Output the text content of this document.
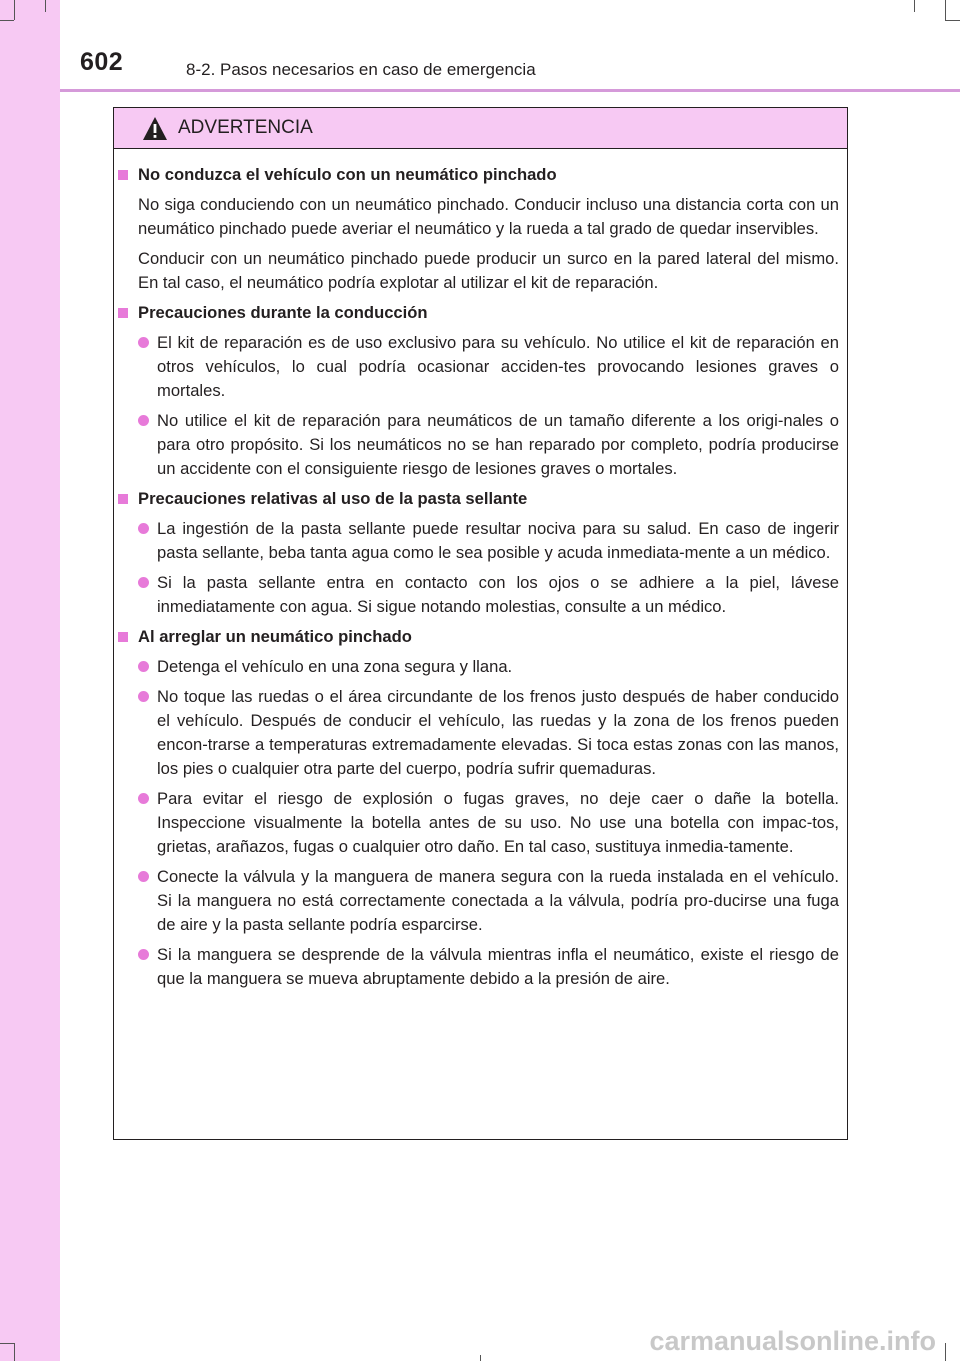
602	8-2. Pasos necesarios en caso de emergencia
ADVERTENCIA
No conduzca el vehículo con un neumático pinchado
No siga conduciendo con un neumático pinchado. Conducir incluso una distancia corta con un neumático pinchado puede averiar el neumático y la rueda a tal grado de quedar inservibles.
Conducir con un neumático pinchado puede producir un surco en la pared lateral del mismo. En tal caso, el neumático podría explotar al utilizar el kit de reparación.
Precauciones durante la conducción
El kit de reparación es de uso exclusivo para su vehículo. No utilice el kit de reparación en otros vehículos, lo cual podría ocasionar acciden-tes provocando lesiones graves o mortales.
No utilice el kit de reparación para neumáticos de un tamaño diferente a los origi-nales o para otro propósito. Si los neumáticos no se han reparado por completo, podría producirse un accidente con el consiguiente riesgo de lesiones graves o mortales.
Precauciones relativas al uso de la pasta sellante
La ingestión de la pasta sellante puede resultar nociva para su salud. En caso de ingerir pasta sellante, beba tanta agua como le sea posible y acuda inmediata-mente a un médico.
Si la pasta sellante entra en contacto con los ojos o se adhiere a la piel, lávese inmediatamente con agua. Si sigue notando molestias, consulte a un médico.
Al arreglar un neumático pinchado
Detenga el vehículo en una zona segura y llana.
No toque las ruedas o el área circundante de los frenos justo después de haber conducido el vehículo. Después de conducir el vehículo, las ruedas y la zona de los frenos pueden encon-trarse a temperaturas extremadamente elevadas. Si toca estas zonas con las manos, los pies o cualquier otra parte del cuerpo, podría sufrir quemaduras.
Para evitar el riesgo de explosión o fugas graves, no deje caer o dañe la botella. Inspeccione visualmente la botella antes de su uso. No use una botella con impac-tos, grietas, arañazos, fugas o cualquier otro daño. En tal caso, sustituya inmedia-tamente.
Conecte la válvula y la manguera de manera segura con la rueda instalada en el vehículo. Si la manguera no está correctamente conectada a la válvula, podría pro-ducirse una fuga de aire y la pasta sellante podría esparcirse.
Si la manguera se desprende de la válvula mientras infla el neumático, existe el riesgo de que la manguera se mueva abruptamente debido a la presión de aire.
carmanualsonline.info
